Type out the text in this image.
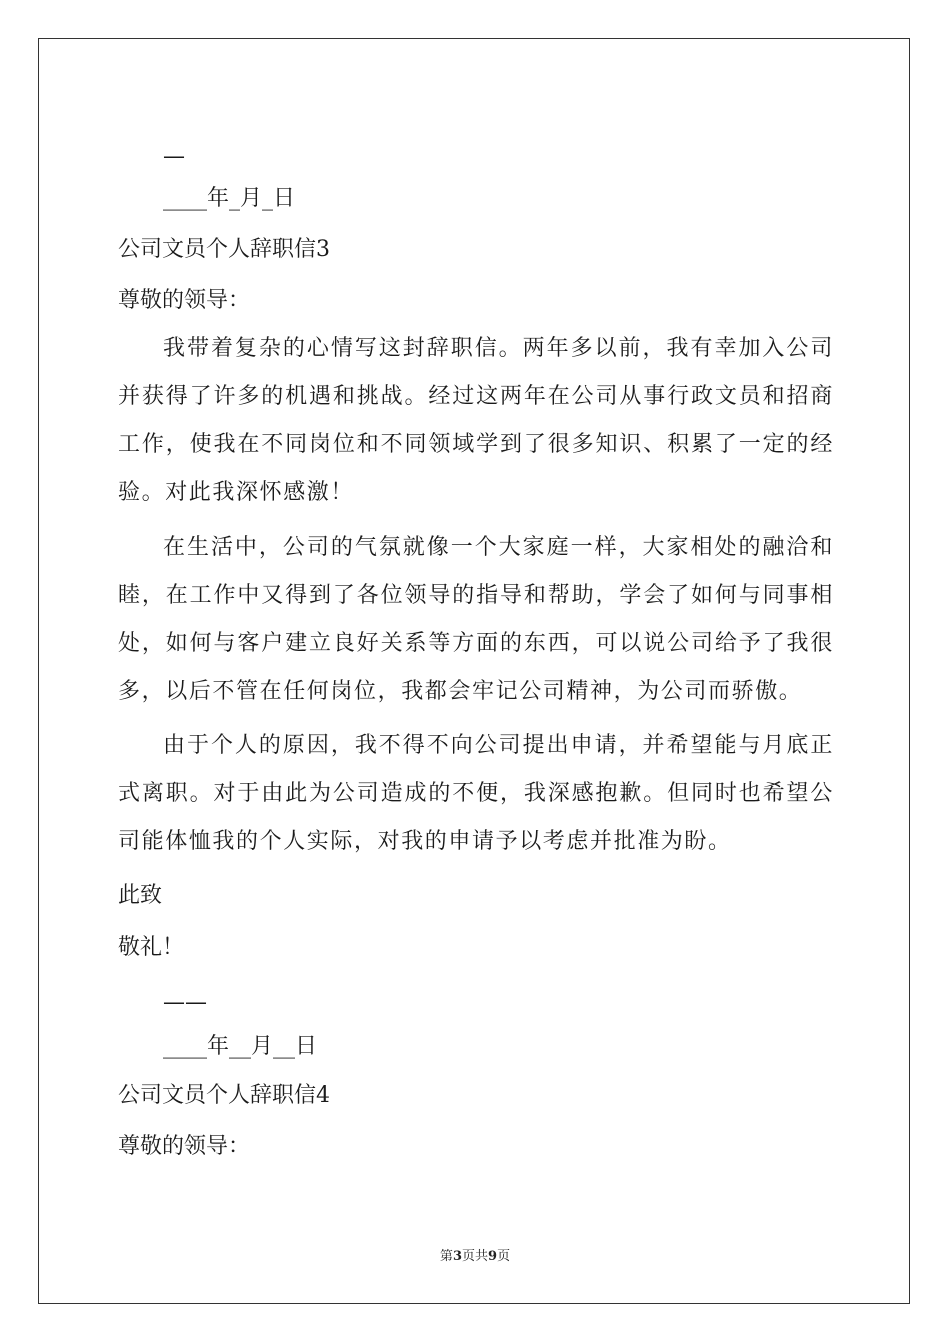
—
____年_月_日
公司文员个人辞职信3
尊敬的领导：

我带着复杂的心情写这封辞职信。两年多以前，我有幸加入公司并获得了许多的机遇和挑战。经过这两年在公司从事行政文员和招商工作，使我在不同岗位和不同领域学到了很多知识、积累了一定的经验。对此我深怀感激！

在生活中，公司的气氛就像一个大家庭一样，大家相处的融洽和睦，在工作中又得到了各位领导的指导和帮助，学会了如何与同事相处，如何与客户建立良好关系等方面的东西，可以说公司给予了我很多，以后不管在任何岗位，我都会牢记公司精神，为公司而骄傲。

由于个人的原因，我不得不向公司提出申请，并希望能与月底正式离职。对于由此为公司造成的不便，我深感抱歉。但同时也希望公司能体恤我的个人实际，对我的申请予以考虑并批准为盼。

此致
敬礼！
——
____年__月__日
公司文员个人辞职信4
尊敬的领导：
第3页共9页
